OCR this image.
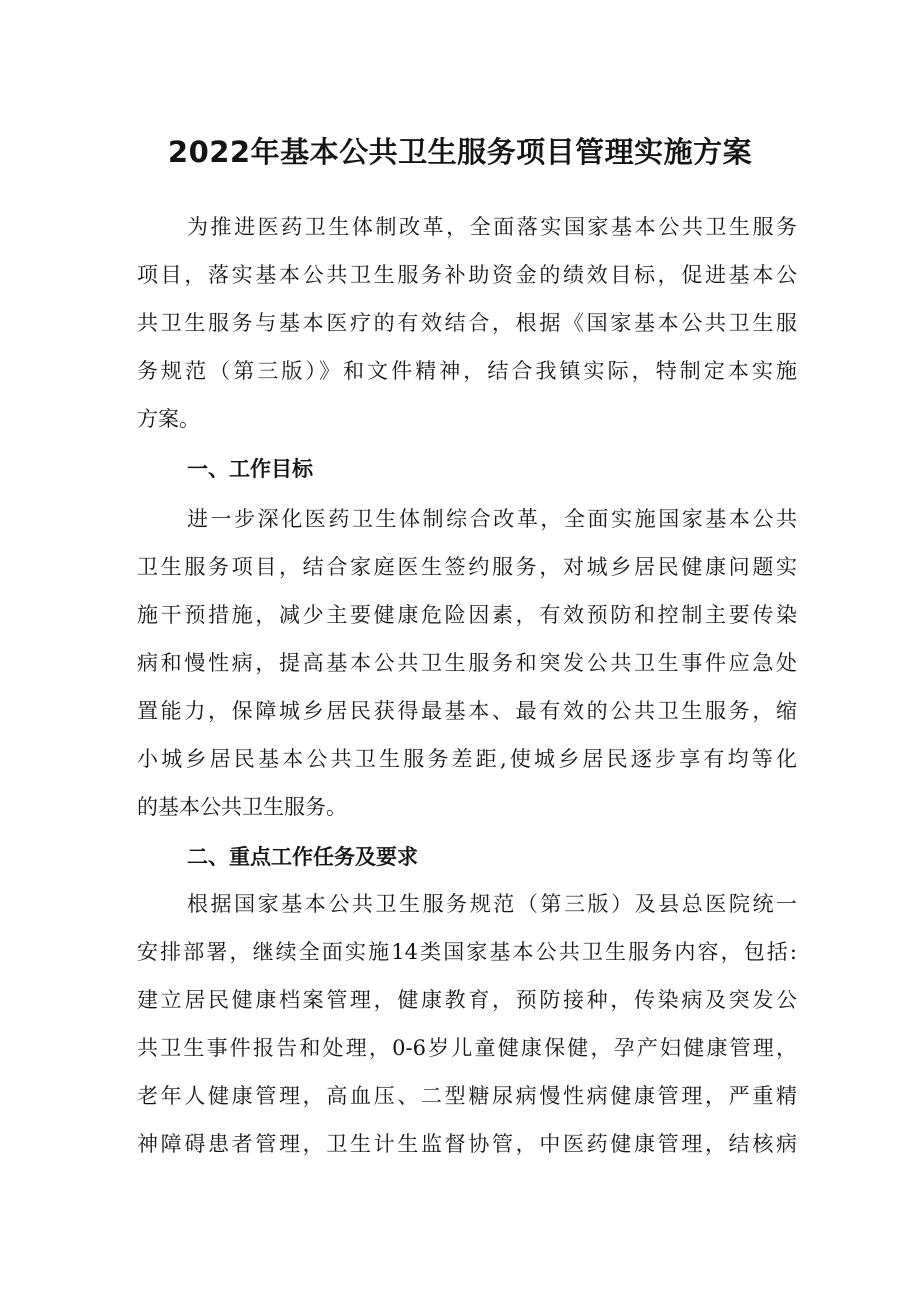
2022年基本公共卫生服务项目管理实施方案
为推进医药卫生体制改革，全面落实国家基本公共卫生服务
项目，落实基本公共卫生服务补助资金的绩效目标，促进基本公
共卫生服务与基本医疗的有效结合，根据《国家基本公共卫生服
务规范（第三版）》和文件精神，结合我镇实际，特制定本实施
方案。
一、工作目标
进一步深化医药卫生体制综合改革，全面实施国家基本公共
卫生服务项目，结合家庭医生签约服务，对城乡居民健康问题实
施干预措施，减少主要健康危险因素，有效预防和控制主要传染
病和慢性病，提高基本公共卫生服务和突发公共卫生事件应急处
置能力，保障城乡居民获得最基本、最有效的公共卫生服务，缩
小城乡居民基本公共卫生服务差距,使城乡居民逐步享有均等化
的基本公共卫生服务。
二、重点工作任务及要求
根据国家基本公共卫生服务规范（第三版）及县总医院统一
安排部署，继续全面实施14类国家基本公共卫生服务内容，包括:
建立居民健康档案管理，健康教育，预防接种，传染病及突发公
共卫生事件报告和处理，0-6岁儿童健康保健，孕产妇健康管理，
老年人健康管理，高血压、二型糖尿病慢性病健康管理，严重精
神障碍患者管理，卫生计生监督协管，中医药健康管理，结核病
